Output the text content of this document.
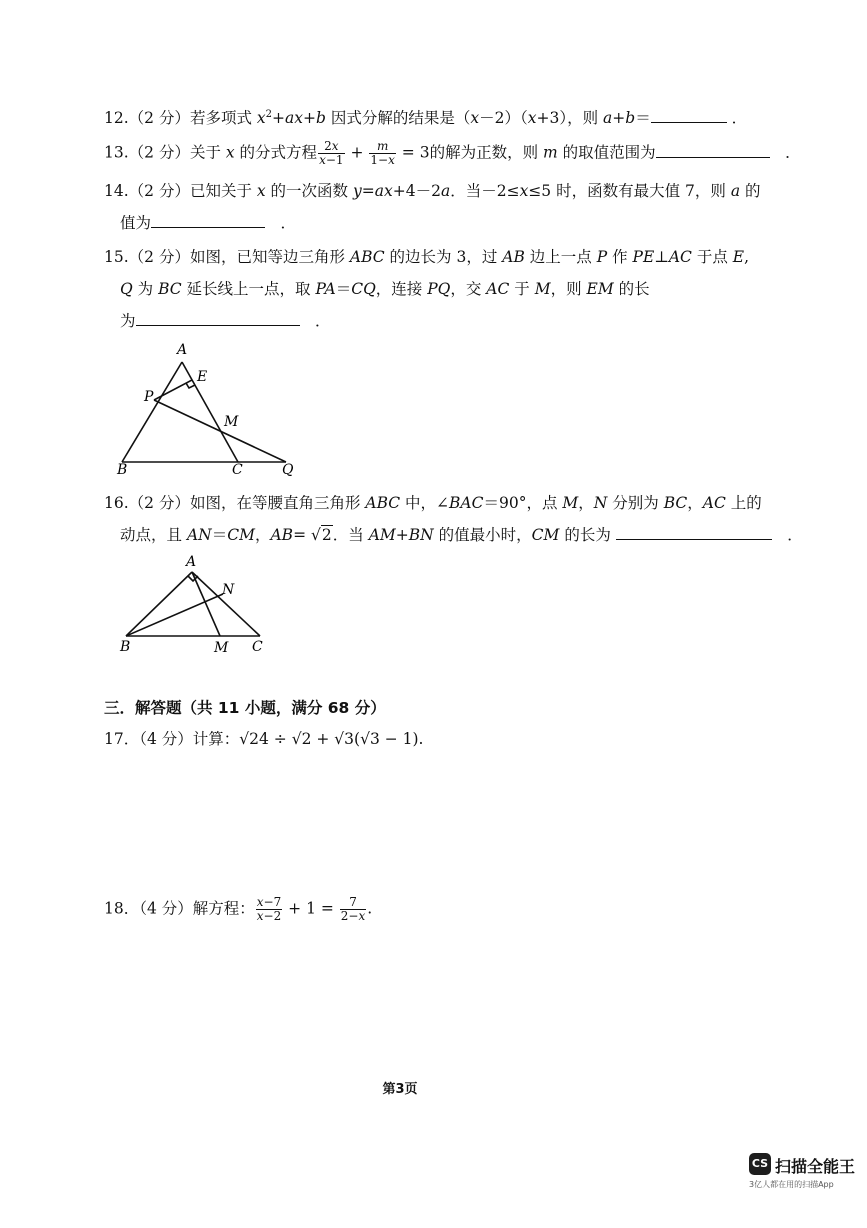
12.（2 分）若多项式 $x^2+ax+b$ 因式分解的结果是（x－2）（x+3），则 a+b＝	．
13.（2 分）关于 x 的分式方程 $\frac{2x}{x-1} + \frac{m}{1-x} = 3$的解为正数，则 m 的取值范围为　	．
14.（2 分）已知关于 x 的一次函数 y=ax+4－2a．当－2≤x≤5 时，函数有最大值 7，则 a 的
值为　	．
15.（2 分）如图，已知等边三角形 ABC 的边长为 3，过 AB 边上一点 P 作 PE⊥AC 于点 E,
Q 为 BC 延长线上一点，取 PA＝CQ，连接 PQ，交 AC 于 M，则 EM 的长
为　	．
A
E
P
M
B	C	Q
16.（2 分）如图，在等腰直角三角形 ABC 中，∠BAC＝90°，点 M，N 分别为 BC，AC 上的
动点，且 AN＝CM，AB= √2．当 AM+BN 的值最小时，CM 的长为 　	．
A
N
B	M C
三．解答题（共 11 小题，满分 68 分）
17．（4 分）计算：√24 ÷ √2 + √3(√3 − 1).
18．（4 分）解方程： $\frac{x-7}{x-2} + 1 = \frac{7}{2-x}$ .
第3页
CS 扫描全能王
3亿人都在用的扫描App
